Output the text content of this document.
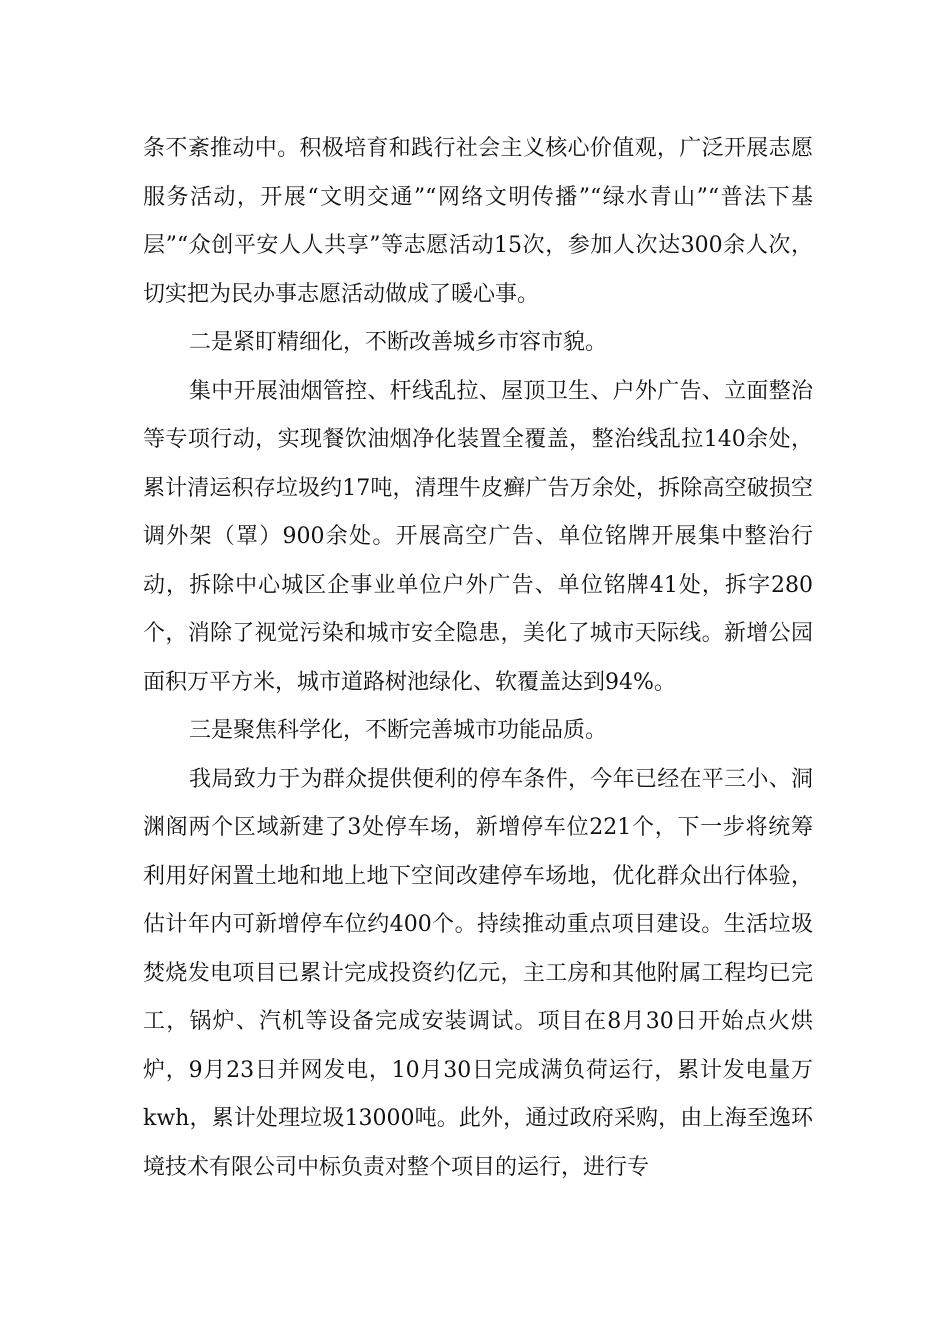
条不紊推动中。积极培育和践行社会主义核心价值观，广泛开展志愿服务活动，开展“文明交通”“网络文明传播”“绿水青山”“普法下基层”“众创平安人人共享”等志愿活动15次，参加人次达300余人次，切实把为民办事志愿活动做成了暖心事。

二是紧盯精细化，不断改善城乡市容市貌。

集中开展油烟管控、杆线乱拉、屋顶卫生、户外广告、立面整治等专项行动，实现餐饮油烟净化装置全覆盖，整治线乱拉140余处，累计清运积存垃圾约17吨，清理牛皮癣广告万余处，拆除高空破损空调外架（罩）900余处。开展高空广告、单位铭牌开展集中整治行动，拆除中心城区企事业单位户外广告、单位铭牌41处，拆字280个，消除了视觉污染和城市安全隐患，美化了城市天际线。新增公园面积万平方米，城市道路树池绿化、软覆盖达到94%。

三是聚焦科学化，不断完善城市功能品质。

我局致力于为群众提供便利的停车条件，今年已经在平三小、洞渊阁两个区域新建了3处停车场，新增停车位221个，下一步将统筹利用好闲置土地和地上地下空间改建停车场地，优化群众出行体验，估计年内可新增停车位约400个。持续推动重点项目建设。生活垃圾焚烧发电项目已累计完成投资约亿元，主工房和其他附属工程均已完工，锅炉、汽机等设备完成安装调试。项目在8月30日开始点火烘炉，9月23日并网发电，10月30日完成满负荷运行，累计发电量万kwh，累计处理垃圾13000吨。此外，通过政府采购，由上海至逸环境技术有限公司中标负责对整个项目的运行，进行专
